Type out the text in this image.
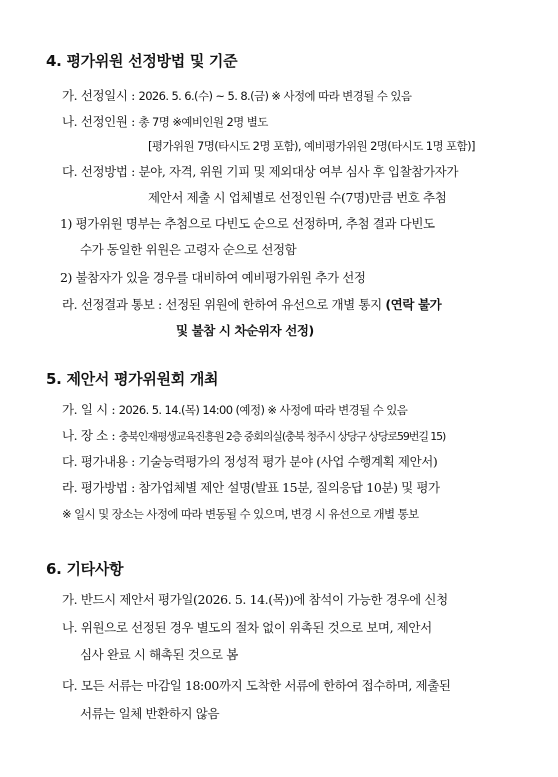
4. 평가위원 선정방법 및 기준
가. 선정일시 : 2026. 5. 6.(수) ~ 5. 8.(금) ※ 사정에 따라 변경될 수 있음
나. 선정인원 : 총 7명 ※예비인원 2명 별도
[평가위원 7명(타시도 2명 포함), 예비평가위원 2명(타시도 1명 포함)]
다. 선정방법 : 분야, 자격, 위원 기피 및 제외대상 여부 심사 후 입찰참가자가
제안서 제출 시 업체별로 선정인원 수(7명)만큼 번호 추첨
1) 평가위원 명부는 추첨으로 다빈도 순으로 선정하며, 추첨 결과 다빈도
수가 동일한 위원은 고령자 순으로 선정함
2) 불참자가 있을 경우를 대비하여 예비평가위원 추가 선정
라. 선정결과 통보 : 선정된 위원에 한하여 유선으로 개별 통지 (연락 불가
및 불참 시 차순위자 선정)
5. 제안서 평가위원회 개최
가. 일 시 : 2026. 5. 14.(목) 14:00 (예정) ※ 사정에 따라 변경될 수 있음
나. 장 소 : 충북인재평생교육진흥원 2층 중회의실(충북 청주시 상당구 상당로59번길 15)
다. 평가내용 : 기술능력평가의 정성적 평가 분야 (사업 수행계획 제안서)
라. 평가방법 : 참가업체별 제안 설명(발표 15분, 질의응답 10분) 및 평가
※ 일시 및 장소는 사정에 따라 변동될 수 있으며, 변경 시 유선으로 개별 통보
6. 기타사항
가. 반드시 제안서 평가일(2026. 5. 14.(목))에 참석이 가능한 경우에 신청
나. 위원으로 선정된 경우 별도의 절차 없이 위촉된 것으로 보며, 제안서
심사 완료 시 해촉된 것으로 봄
다. 모든 서류는 마감일 18:00까지 도착한 서류에 한하여 접수하며, 제출된
서류는 일체 반환하지 않음
